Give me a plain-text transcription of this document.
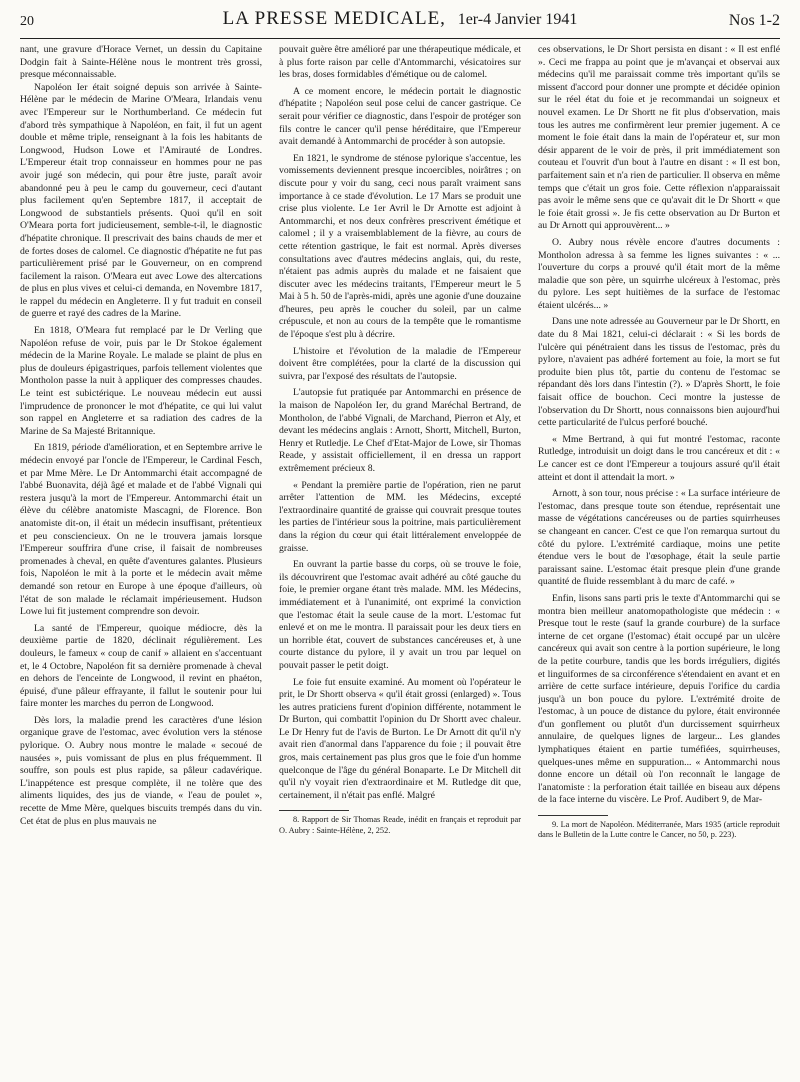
20	LA PRESSE MEDICALE, 1er-4 Janvier 1941	Nos 1-2

nant, une gravure d'Horace Vernet, un dessin du Capitaine Dodgin fait à Sainte-Hélène nous le montrent très grossi, presque méconnaissable.

Napoléon Ier était soigné depuis son arrivée à Sainte-Hélène par le médecin de Marine O'Meara, Irlandais venu avec l'Empereur sur le Northumberland. Ce médecin fut d'abord très sympathique à Napoléon, en fait, il fut un agent double et même triple, renseignant à la fois les habitants de Longwood, Hudson Lowe et l'Amirauté de Londres. L'Empereur était trop connaisseur en hommes pour ne pas avoir jugé son médecin, qui pour être juste, paraît avoir abandonné peu à peu le camp du gouverneur, ceci d'autant plus facilement qu'en Septembre 1817, il acceptait de Longwood de substantiels présents. Quoi qu'il en soit O'Meara porta fort judicieusement, semble-t-il, le diagnostic d'hépatite chronique. Il prescrivait des bains chauds de mer et de fortes doses de calomel. Ce diagnostic d'hépatite ne fut pas particulièrement prisé par le Gouverneur, on en comprend facilement la raison. O'Meara eut avec Lowe des altercations de plus en plus vives et celui-ci demanda, en Novembre 1817, le rappel du médecin en Angleterre. Il y fut traduit en conseil de guerre et rayé des cadres de la Marine.

En 1818, O'Meara fut remplacé par le Dr Verling que Napoléon refuse de voir, puis par le Dr Stokoe également médecin de la Marine Royale. Le malade se plaint de plus en plus de douleurs épigastriques, parfois tellement violentes que Montholon passe la nuit à appliquer des compresses chaudes. Le teint est subictérique. Le nouveau médecin eut aussi l'imprudence de prononcer le mot d'hépatite, ce qui lui valut son rappel en Angleterre et sa radiation des cadres de la Marine de Sa Majesté Britannique.

En 1819, période d'amélioration, et en Septembre arrive le médecin envoyé par l'oncle de l'Empereur, le Cardinal Fesch, et par Mme Mère. Le Dr Antommarchi était accompagné de l'abbé Buonavita, déjà âgé et malade et de l'abbé Vignali qui restera jusqu'à la mort de l'Empereur. Antommarchi était un élève du célèbre anatomiste Mascagni, de Florence. Bon anatomiste dit-on, il était un médecin insuffisant, prétentieux et peu consciencieux. On ne le trouvera jamais lorsque l'Empereur souffrira d'une crise, il faisait de nombreuses promenades à cheval, en quête d'aventures galantes. Plusieurs fois, Napoléon le mit à la porte et le médecin avait même demandé son retour en Europe à une époque d'ailleurs, où l'état de son malade le réclamait impérieusement. Hudson Lowe lui fit justement comprendre son devoir.

La santé de l'Empereur, quoique médiocre, dès la deuxième partie de 1820, déclinait régulièrement. Les douleurs, le fameux « coup de canif » allaient en s'accentuant et, le 4 Octobre, Napoléon fit sa dernière promenade à cheval en dehors de l'enceinte de Longwood, il revint en phaéton, épuisé, d'une pâleur effrayante, il fallut le soutenir pour lui faire monter les marches du perron de Longwood.

Dès lors, la maladie prend les caractères d'une lésion organique grave de l'estomac, avec évolution vers la sténose pylorique. O. Aubry nous montre le malade « secoué de nausées », puis vomissant de plus en plus fréquemment. Il souffre, son pouls est plus rapide, sa pâleur cadavérique. L'inappétence est presque complète, il ne tolère que des aliments liquides, des jus de viande, « l'eau de poulet », recette de Mme Mère, quelques biscuits trempés dans du vin. Cet état de plus en plus mauvais ne

pouvait guère être amélioré par une thérapeutique médicale, et à plus forte raison par celle d'Antommarchi, vésicatoires sur les bras, doses formidables d'émétique ou de calomel.

A ce moment encore, le médecin portait le diagnostic d'hépatite ; Napoléon seul pose celui de cancer gastrique. Ce serait pour vérifier ce diagnostic, dans l'espoir de protéger son fils contre le cancer qu'il pense héréditaire, que l'Empereur avait demandé à Antommarchi de procéder à son autopsie.

En 1821, le syndrome de sténose pylorique s'accentue, les vomissements deviennent presque incoercibles, noirâtres ; on discute pour y voir du sang, ceci nous paraît vraiment sans importance à ce stade d'évolution. Le 17 Mars se produit une crise plus violente. Le 1er Avril le Dr Arnotte est adjoint à Antommarchi, et nos deux confrères prescrivent émétique et calomel ; il y a vraisemblablement de la fièvre, au cours de cette rétention gastrique, le fait est normal. Après diverses consultations avec d'autres médecins anglais, qui, du reste, n'étaient pas admis auprès du malade et ne faisaient que discuter avec les médecins traitants, l'Empereur meurt le 5 Mai à 5 h. 50 de l'après-midi, après une agonie d'une douzaine d'heures, peu après le coucher du soleil, par un calme crépuscule, et non au cours de la tempête que le romantisme de l'époque s'est plu à décrire.

L'histoire et l'évolution de la maladie de l'Empereur doivent être complétées, pour la clarté de la discussion qui suivra, par l'exposé des résultats de l'autopsie.

L'autopsie fut pratiquée par Antommarchi en présence de la maison de Napoléon Ier, du grand Maréchal Bertrand, de Montholon, de l'abbé Vignali, de Marchand, Pierron et Aly, et devant les médecins anglais : Arnott, Shortt, Mitchell, Burton, Henry et Rutledje. Le Chef d'Etat-Major de Lowe, sir Thomas Reade, y assistait officiellement, il en dressa un rapport extrêmement précieux 8.

« Pendant la première partie de l'opération, rien ne parut arrêter l'attention de MM. les Médecins, excepté l'extraordinaire quantité de graisse qui couvrait presque toutes les parties de l'intérieur sous la poitrine, mais particulièrement dans la région du cœur qui était littéralement enveloppée de graisse.

En ouvrant la partie basse du corps, où se trouve le foie, ils découvrirent que l'estomac avait adhéré au côté gauche du foie, le premier organe étant très malade. MM. les Médecins, immédiatement et à l'unanimité, ont exprimé la conviction que l'estomac était la seule cause de la mort. L'estomac fut enlevé et on me le montra. Il paraissait pour les deux tiers en un horrible état, couvert de substances cancéreuses et, à une courte distance du pylore, il y avait un trou par lequel on pouvait passer le petit doigt.

Le foie fut ensuite examiné. Au moment où l'opérateur le prit, le Dr Shortt observa « qu'il était grossi (enlarged) ». Tous les autres praticiens furent d'opinion différente, notamment le Dr Burton, qui combattit l'opinion du Dr Shortt avec chaleur. Le Dr Henry fut de l'avis de Burton. Le Dr Arnott dit qu'il n'y avait rien d'anormal dans l'apparence du foie ; il pouvait être gros, mais certainement pas plus gros que le foie d'un homme quelconque de l'âge du général Bonaparte. Le Dr Mitchell dit qu'il n'y voyait rien d'extraordinaire et M. Rutledge dit que, certainement, il n'était pas enflé. Malgré

8. Rapport de Sir Thomas Reade, inédit en français et reproduit par O. Aubry : Sainte-Hélène, 2, 252.

ces observations, le Dr Short persista en disant : « Il est enflé ». Ceci me frappa au point que je m'avançai et observai aux médecins qu'il me paraissait comme très important qu'ils se missent d'accord pour donner une prompte et décidée opinion sur le réel état du foie et je recommandai un soigneux et nouvel examen. Le Dr Shortt ne fit plus d'observation, mais tous les autres me confirmèrent leur premier jugement. A ce moment le foie était dans la main de l'opérateur et, sur mon désir apparent de le voir de près, il prit immédiatement son couteau et l'ouvrit d'un bout à l'autre en disant : « Il est bon, parfaitement sain et n'a rien de particulier. Il observa en même temps que c'était un gros foie. Cette réflexion n'apparaissait pas avoir le même sens que ce qu'avait dit le Dr Shortt « que le foie était grossi ». Je fis cette observation au Dr Burton et au Dr Arnott qui approuvèrent... »

O. Aubry nous révèle encore d'autres documents : Montholon adressa à sa femme les lignes suivantes : « ... l'ouverture du corps a prouvé qu'il était mort de la même maladie que son père, un squirrhe ulcéreux à l'estomac, près du pylore. Les sept huitièmes de la surface de l'estomac étaient ulcérés... »

Dans une note adressée au Gouverneur par le Dr Shortt, en date du 8 Mai 1821, celui-ci déclarait : « Si les bords de l'ulcère qui pénétraient dans les tissus de l'estomac, près du pylore, n'avaient pas adhéré fortement au foie, la mort se fut produite bien plus tôt, partie du contenu de l'estomac se répandant dès lors dans l'intestin (?). » D'après Shortt, le foie faisait office de bouchon. Ceci montre la justesse de l'observation du Dr Shortt, nous connaissons bien aujourd'hui cette particularité de l'ulcus perforé bouché.

« Mme Bertrand, à qui fut montré l'estomac, raconte Rutledge, introduisit un doigt dans le trou cancéreux et dit : « Le cancer est ce dont l'Empereur a toujours assuré qu'il était atteint et dont il attendait la mort. »

Arnott, à son tour, nous précise : « La surface intérieure de l'estomac, dans presque toute son étendue, représentait une masse de végétations cancéreuses ou de parties squirrheuses se changeant en cancer. C'est ce que l'on remarqua surtout du côté du pylore. L'extrémité cardiaque, moins une petite étendue vers le bout de l'œsophage, était la seule partie paraissant saine. L'estomac était presque plein d'une grande quantité de fluide ressemblant à du marc de café. »

Enfin, lisons sans parti pris le texte d'Antommarchi qui se montra bien meilleur anatomopathologiste que médecin : « Presque tout le reste (sauf la grande courbure) de la surface interne de cet organe (l'estomac) était occupé par un ulcère cancéreux qui avait son centre à la portion supérieure, le long de la petite courbure, tandis que les bords irréguliers, digités et linguiformes de sa circonférence s'étendaient en avant et en arrière de cette surface intérieure, depuis l'orifice du cardia jusqu'à un bon pouce du pylore. L'extrémité droite de l'estomac, à un pouce de distance du pylore, était environnée d'un gonflement ou plutôt d'un durcissement squirrheux annulaire, de quelques lignes de largeur... Les glandes lymphatiques étaient en partie tuméfiées, squirrheuses, quelques-unes même en suppuration... « Antommarchi nous donne encore un détail où l'on reconnaît le langage de l'anatomiste : la perforation était taillée en biseau aux dépens de la face interne du viscère. Le Prof. Audibert 9, de Mar-

9. La mort de Napoléon. Méditerranée, Mars 1935 (article reproduit dans le Bulletin de la Lutte contre le Cancer, no 50, p. 223).
